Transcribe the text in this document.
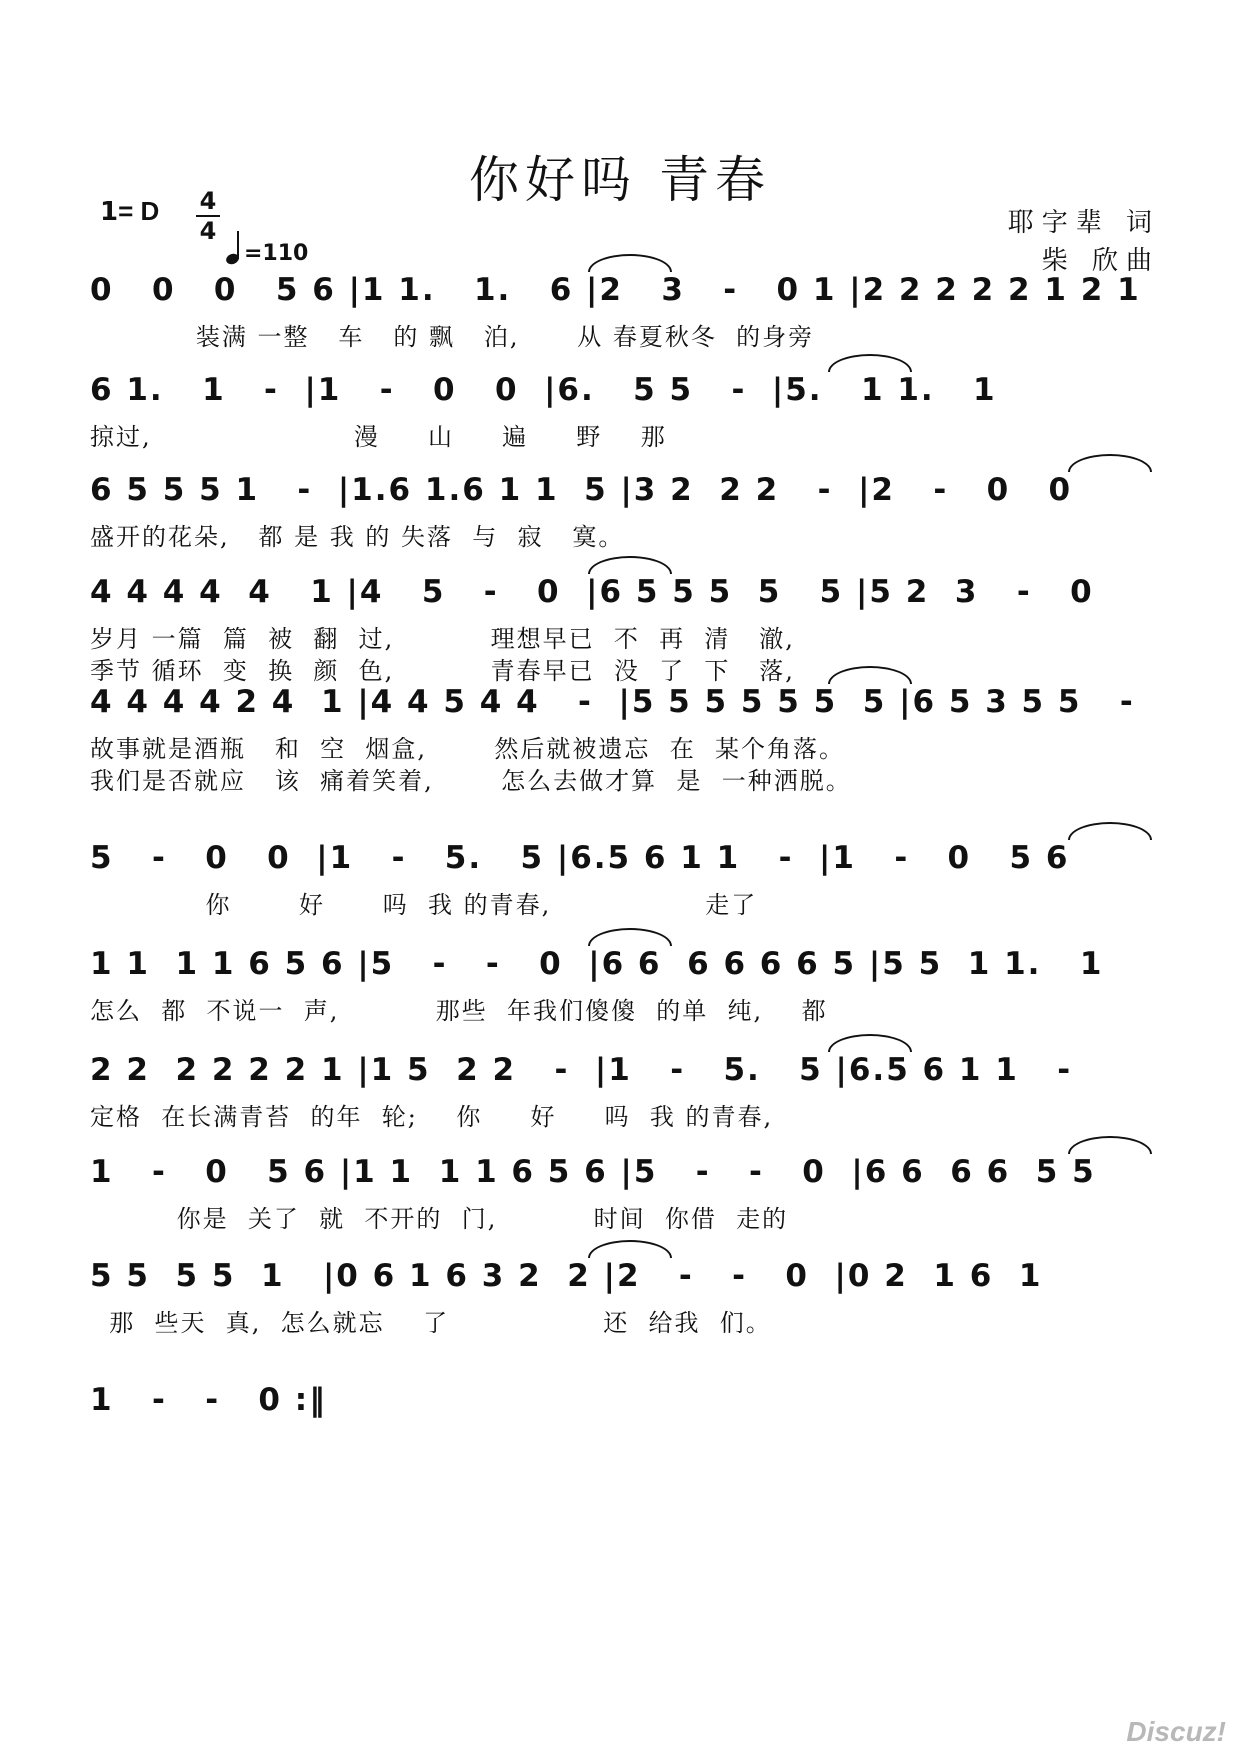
你好吗 青春
1= D 4
4
=110
耶字辈 词
柴 欣曲
0   0   0   5 6 |1 1.   1.   6 |2   3   -   0 1 |2 2 2 2 2 1 2 1
装满 一整   车   的 飘   泊,      从 春夏秋冬  的身旁
6 1.   1   -  |1   -   0   0  |6.   5 5   -  |5.   1 1.   1
掠过,                     漫     山     遍     野    那
6 5 5 5 1   -  |1.6 1.6 1 1  5 |3 2  2 2   -  |2   -   0   0
盛开的花朵,   都 是 我 的 失落  与  寂   寞。
4 4 4 4  4   1 |4   5   -   0  |6 5 5 5  5   5 |5 2  3   -   0
岁月 一篇  篇  被  翻  过,          理想早已  不  再  清   澈,
季节 循环  变  换  颜  色,          青春早已  没  了  下   落,
4 4 4 4 2 4  1 |4 4 5 4 4   -  |5 5 5 5 5 5  5 |6 5 3 5 5   -
故事就是酒瓶   和  空  烟盒,       然后就被遗忘  在  某个角落。
我们是否就应   该  痛着笑着,       怎么去做才算  是  一种洒脱。
5   -   0   0  |1   -   5.   5 |6.5 6 1 1   -  |1   -   0   5 6
你       好      吗  我 的青春,                走了
1 1  1 1 6 5 6 |5   -   -   0  |6 6  6 6 6 6 5 |5 5  1 1.   1
怎么  都  不说一  声,          那些  年我们傻傻  的单  纯,    都
2 2  2 2 2 2 1 |1 5  2 2   -  |1   -   5.   5 |6.5 6 1 1   -
定格  在长满青苔  的年  轮;    你     好     吗  我 的青春,
1   -   0   5 6 |1 1  1 1 6 5 6 |5   -   -   0  |6 6  6 6  5 5
你是  关了  就  不开的  门,          时间  你借  走的
5 5  5 5  1   |0 6 1 6 3 2  2 |2   -   -   0  |0 2  1 6  1
那  些天  真,  怎么就忘    了                还  给我  们。
1   -   -   0 :‖
Discuz!
